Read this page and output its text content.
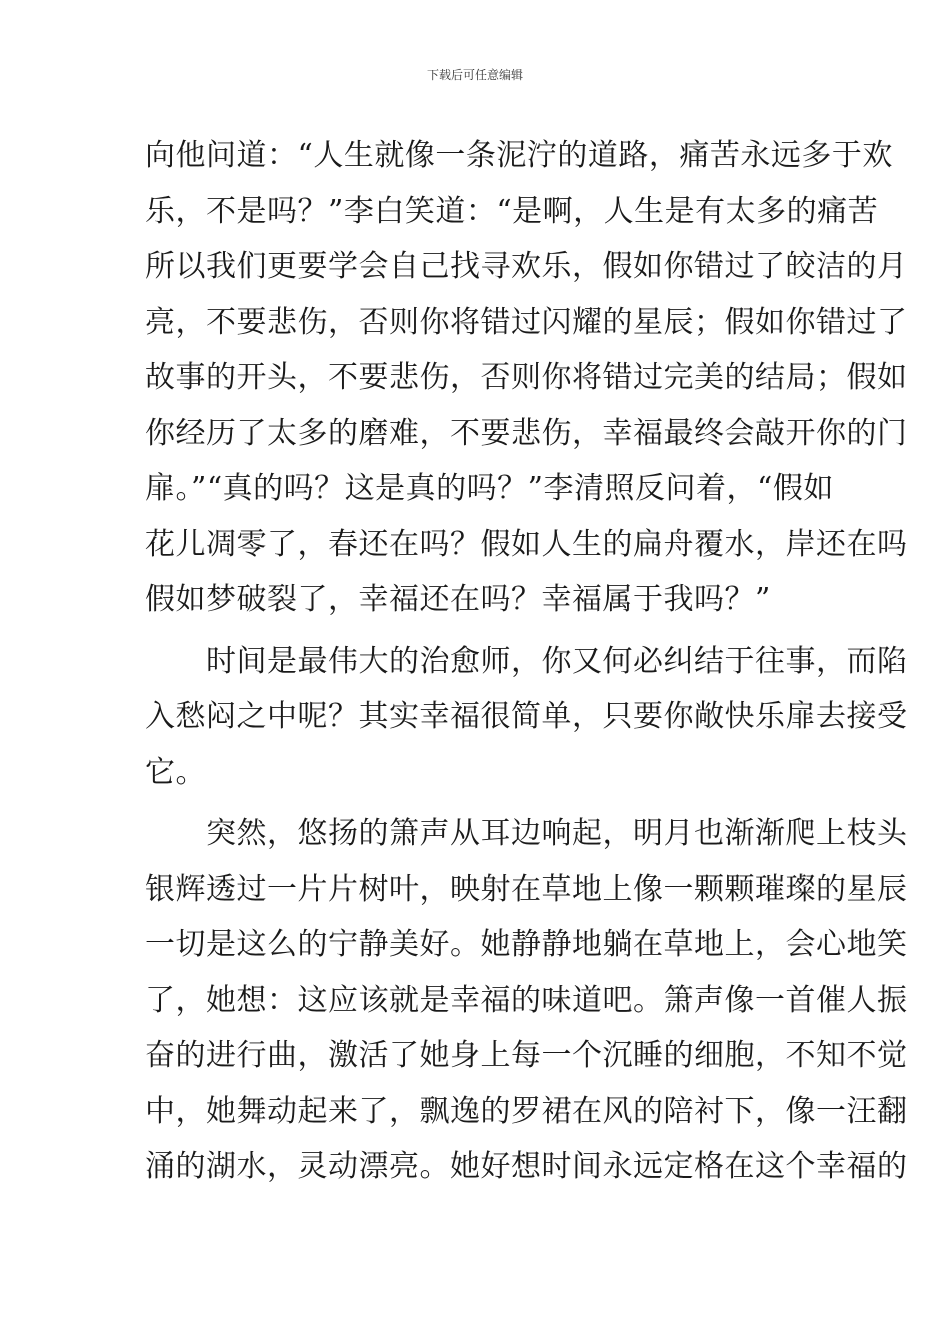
下载后可任意编辑
向他问道：“人生就像一条泥泞的道路，痛苦永远多于欢
乐，不是吗？”李白笑道：“是啊，人生是有太多的痛苦
所以我们更要学会自己找寻欢乐，假如你错过了皎洁的月
亮，不要悲伤，否则你将错过闪耀的星辰；假如你错过了
故事的开头，不要悲伤，否则你将错过完美的结局；假如
你经历了太多的磨难，不要悲伤，幸福最终会敲开你的门
扉。”“真的吗？这是真的吗？”李清照反问着，“假如
花儿凋零了，春还在吗？假如人生的扁舟覆水，岸还在吗
假如梦破裂了，幸福还在吗？幸福属于我吗？”
　　时间是最伟大的治愈师，你又何必纠结于往事，而陷
入愁闷之中呢？其实幸福很简单，只要你敞快乐扉去接受
它。
　　突然，悠扬的箫声从耳边响起，明月也渐渐爬上枝头
银辉透过一片片树叶，映射在草地上像一颗颗璀璨的星辰
一切是这么的宁静美好。她静静地躺在草地上，会心地笑
了，她想：这应该就是幸福的味道吧。箫声像一首催人振
奋的进行曲，激活了她身上每一个沉睡的细胞，不知不觉
中，她舞动起来了，飘逸的罗裙在风的陪衬下，像一汪翻
涌的湖水，灵动漂亮。她好想时间永远定格在这个幸福的
